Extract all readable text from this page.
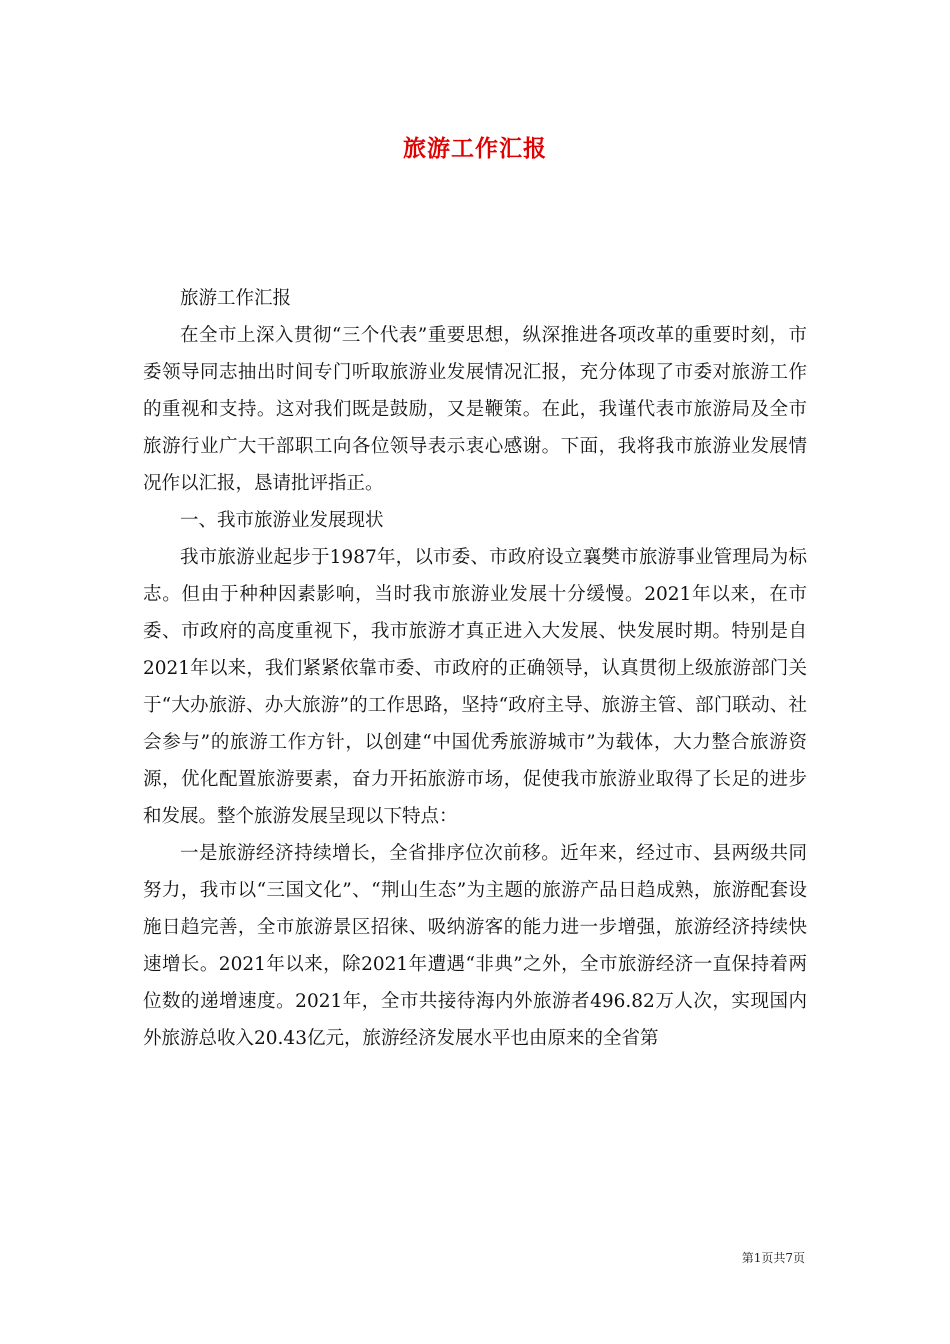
旅游工作汇报

旅游工作汇报

在全市上深入贯彻“三个代表”重要思想，纵深推进各项改革的重要时刻，市委领导同志抽出时间专门听取旅游业发展情况汇报，充分体现了市委对旅游工作的重视和支持。这对我们既是鼓励，又是鞭策。在此，我谨代表市旅游局及全市旅游行业广大干部职工向各位领导表示衷心感谢。下面，我将我市旅游业发展情况作以汇报，恳请批评指正。

一、我市旅游业发展现状

我市旅游业起步于1987年，以市委、市政府设立襄樊市旅游事业管理局为标志。但由于种种因素影响，当时我市旅游业发展十分缓慢。2021年以来，在市委、市政府的高度重视下，我市旅游才真正进入大发展、快发展时期。特别是自2021年以来，我们紧紧依靠市委、市政府的正确领导，认真贯彻上级旅游部门关于“大办旅游、办大旅游”的工作思路，坚持“政府主导、旅游主管、部门联动、社会参与”的旅游工作方针，以创建“中国优秀旅游城市”为载体，大力整合旅游资源，优化配置旅游要素，奋力开拓旅游市场，促使我市旅游业取得了长足的进步和发展。整个旅游发展呈现以下特点：

一是旅游经济持续增长，全省排序位次前移。近年来，经过市、县两级共同努力，我市以“三国文化”、“荆山生态”为主题的旅游产品日趋成熟，旅游配套设施日趋完善，全市旅游景区招徕、吸纳游客的能力进一步增强，旅游经济持续快速增长。2021年以来，除2021年遭遇“非典”之外，全市旅游经济一直保持着两位数的递增速度。2021年，全市共接待海内外旅游者496.82万人次，实现国内外旅游总收入20.43亿元，旅游经济发展水平也由原来的全省第

第1页共7页
